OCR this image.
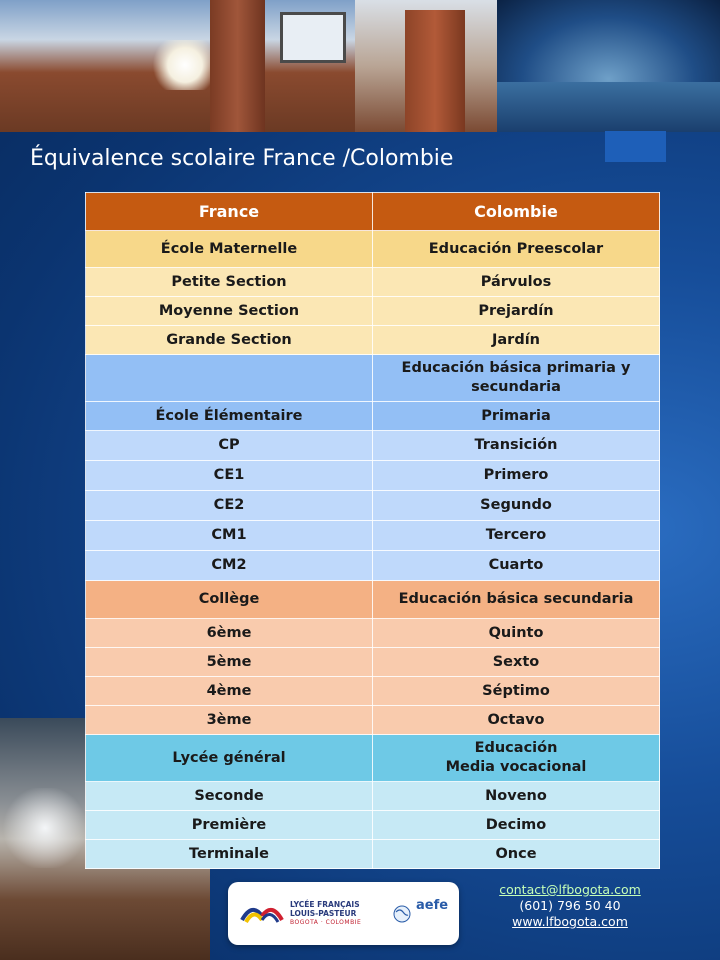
Équivalence scolaire France /Colombie
France	Colombie
École Maternelle	Educación Preescolar
Petite Section	Párvulos
Moyenne Section	Prejardín
Grande Section	Jardín
	Educación básica primaria y secundaria
École Élémentaire	Primaria
CP	Transición
CE1	Primero
CE2	Segundo
CM1	Tercero
CM2	Cuarto
Collège	Educación básica secundaria
6ème	Quinto
5ème	Sexto
4ème	Séptimo
3ème	Octavo
Lycée général	Educación
Media vocacional
Seconde	Noveno
Première	Decimo
Terminale	Once
LYCÉE FRANÇAIS
LOUIS-PASTEUR
BOGOTA · COLOMBIE
aefe
contact@lfbogota.com
(601) 796 50 40
www.lfbogota.com
